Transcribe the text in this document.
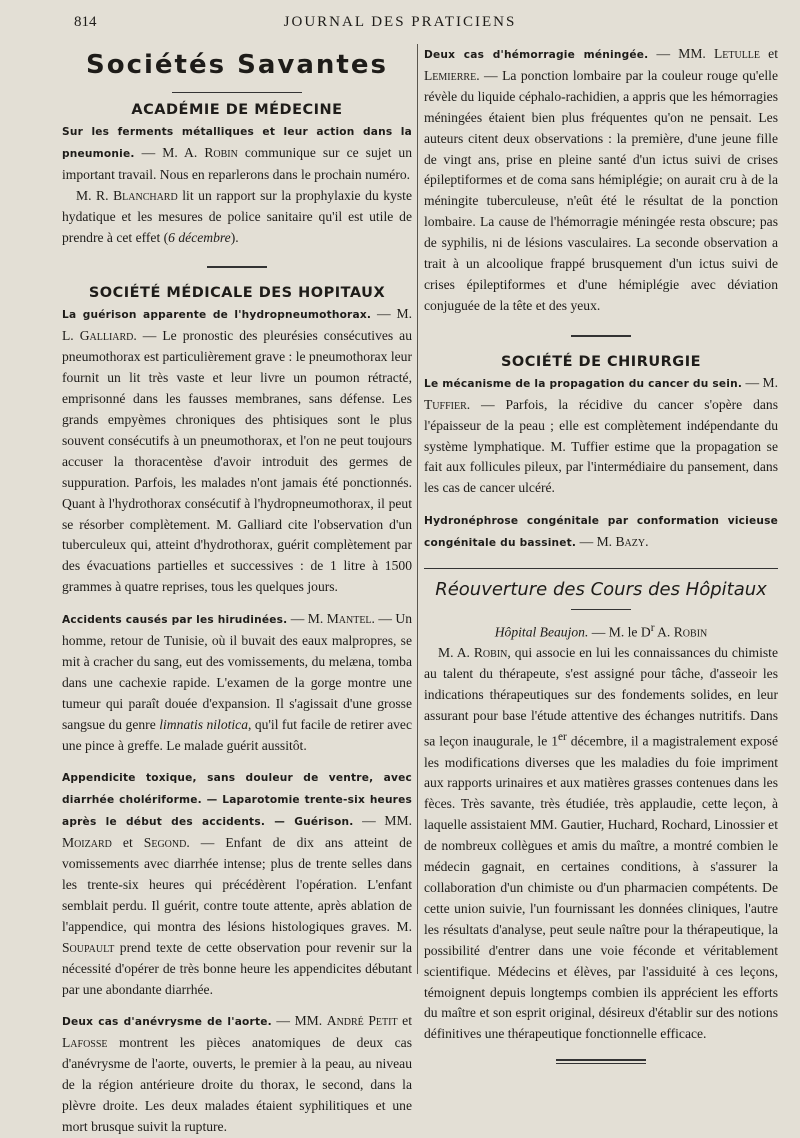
814	JOURNAL DES PRATICIENS
Sociétés Savantes
ACADÉMIE DE MÉDECINE

Sur les ferments métalliques et leur action dans la pneumonie. — M. A. Robin communique sur ce sujet un important travail. Nous en reparlerons dans le prochain numéro.

M. R. Blanchard lit un rapport sur la prophylaxie du kyste hydatique et les mesures de police sanitaire qu'il est utile de prendre à cet effet (6 décembre).

SOCIÉTÉ MÉDICALE DES HOPITAUX

La guérison apparente de l'hydropneumothorax. — M. L. Galliard. — Le pronostic des pleurésies consécutives au pneumothorax est particulièrement grave : le pneumothorax leur fournit un lit très vaste et leur livre un poumon rétracté, emprisonné dans les fausses membranes, sans défense. Les grands empyèmes chroniques des phtisiques sont le plus souvent consécutifs à un pneumothorax, et l'on ne peut toujours accuser la thoracentèse d'avoir introduit des germes de suppuration. Parfois, les malades n'ont jamais été ponctionnés. Quant à l'hydrothorax consécutif à l'hydropneumothorax, il peut se résorber complètement. M. Galliard cite l'observation d'un tuberculeux qui, atteint d'hydrothorax, guérit complètement par des évacuations partielles et successives : de 1 litre à 1500 grammes à quatre reprises, tous les quelques jours.

Accidents causés par les hirudinées. — M. Mantel. — Un homme, retour de Tunisie, où il buvait des eaux malpropres, se mit à cracher du sang, eut des vomissements, du melæna, tomba dans une cachexie rapide. L'examen de la gorge montre une tumeur qui paraît douée d'expansion. Il s'agissait d'une grosse sangsue du genre limnatis nilotica, qu'il fut facile de retirer avec une pince à greffe. Le malade guérit aussitôt.

Appendicite toxique, sans douleur de ventre, avec diarrhée cholériforme. — Laparotomie trente-six heures après le début des accidents. — Guérison. — MM. Moizard et Segond. — Enfant de dix ans atteint de vomissements avec diarrhée intense; plus de trente selles dans les trente-six heures qui précédèrent l'opération. L'enfant semblait perdu. Il guérit, contre toute attente, après ablation de l'appendice, qui montra des lésions histologiques graves. M. Soupault prend texte de cette observation pour revenir sur la nécessité d'opérer de très bonne heure les appendicites débutant par une abondante diarrhée.

Deux cas d'anévrysme de l'aorte. — MM. André Petit et Lafosse montrent les pièces anatomiques de deux cas d'anévrysme de l'aorte, ouverts, le premier à la peau, au niveau de la région antérieure droite du thorax, le second, dans la plèvre droite. Les deux malades étaient syphilitiques et une mort brusque suivit la rupture.

Deux cas d'hémorragie méningée. — MM. Letulle et Lemierre. — La ponction lombaire par la couleur rouge qu'elle révèle du liquide céphalo-rachidien, a appris que les hémorragies méningées étaient bien plus fréquentes qu'on ne pensait. Les auteurs citent deux observations : la première, d'une jeune fille de vingt ans, prise en pleine santé d'un ictus suivi de crises épileptiformes et de coma sans hémiplégie; on aurait cru à de la méningite tuberculeuse, n'eût été le résultat de la ponction lombaire. La cause de l'hémorragie méningée resta obscure; pas de syphilis, ni de lésions vasculaires. La seconde observation a trait à un alcoolique frappé brusquement d'un ictus suivi de crises épileptiformes et d'une hémiplégie avec déviation conjuguée de la tête et des yeux.

SOCIÉTÉ DE CHIRURGIE

Le mécanisme de la propagation du cancer du sein. — M. Tuffier. — Parfois, la récidive du cancer s'opère dans l'épaisseur de la peau ; elle est complètement indépendante du système lymphatique. M. Tuffier estime que la propagation se fait aux follicules pileux, par l'intermédiaire du pansement, dans les cas de cancer ulcéré.

Hydronéphrose congénitale par conformation vicieuse congénitale du bassinet. — M. Bazy.

Réouverture des Cours des Hôpitaux

Hôpital Beaujon. — M. le $D^r$ A. Robin

M. A. Robin, qui associe en lui les connaissances du chimiste au talent du thérapeute, s'est assigné pour tâche, d'asseoir les indications thérapeutiques sur des fondements solides, en leur assurant pour base l'étude attentive des échanges nutritifs. Dans sa leçon inaugurale, le 1er décembre, il a magistralement exposé les modifications diverses que les maladies du foie impriment aux rapports urinaires et aux matières grasses contenues dans les fèces. Très savante, très étudiée, très applaudie, cette leçon, à laquelle assistaient MM. Gautier, Huchard, Rochard, Linossier et de nombreux collègues et amis du maître, a montré combien le médecin gagnait, en certaines conditions, à s'assurer la collaboration d'un chimiste ou d'un pharmacien compétents. De cette union suivie, l'un fournissant les données cliniques, l'autre les résultats d'analyse, peut seule naître pour la thérapeutique, la possibilité d'entrer dans une voie féconde et véritablement scientifique. Médecins et élèves, par l'assiduité à ces leçons, témoignent depuis longtemps combien ils apprécient les efforts du maître et son esprit original, désireux d'établir sur des notions définitives une thérapeutique fonctionnelle efficace.
